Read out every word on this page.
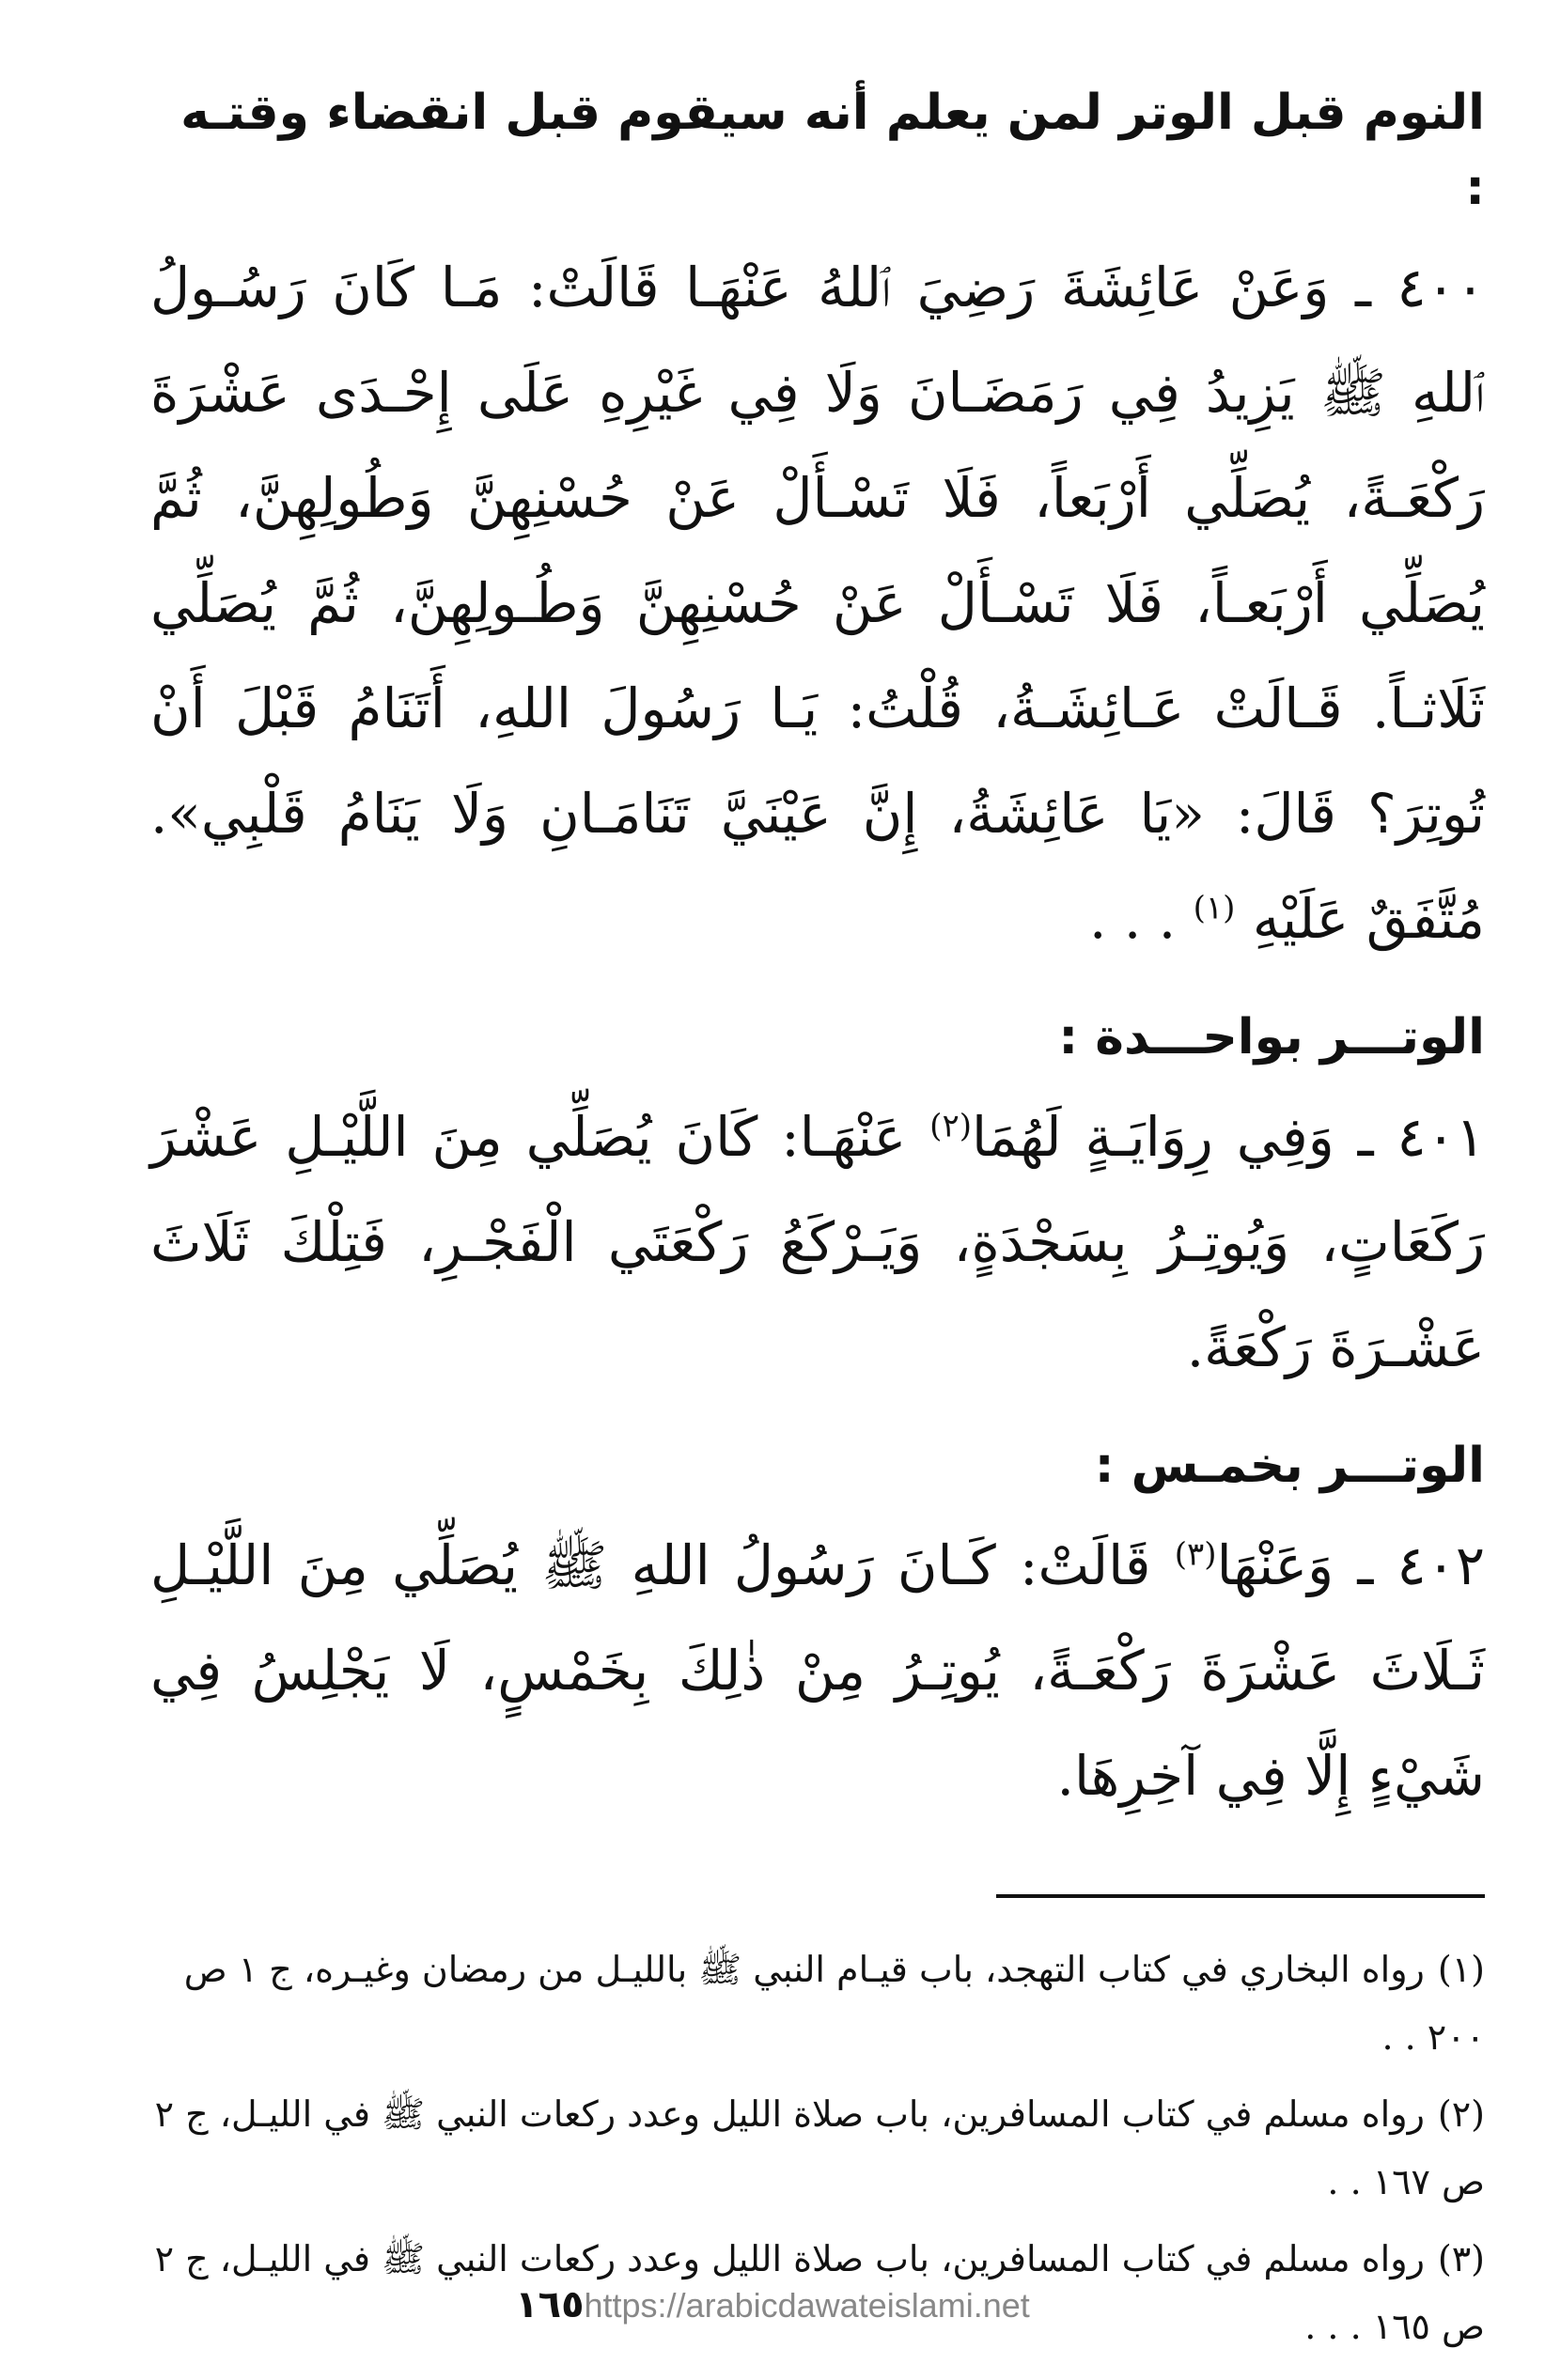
النوم قبل الوتر لمن يعلم أنه سيقوم قبل انقضاء وقتـه :

٤٠٠ ـ وَعَنْ عَائِشَةَ رَضِيَ ٱللهُ عَنْهَـا قَالَتْ: مَـا كَانَ رَسُـولُ ٱللهِ ﷺ يَزِيدُ فِي رَمَضَـانَ وَلَا فِي غَيْرِهِ عَلَى إِحْـدَى عَشْرَةَ رَكْعَـةً، يُصَلِّي أَرْبَعاً، فَلَا تَسْـأَلْ عَنْ حُسْنِهِنَّ وَطُولِهِنَّ، ثُمَّ يُصَلِّي أَرْبَعـاً، فَلَا تَسْـأَلْ عَنْ حُسْنِهِنَّ وَطُـولِهِنَّ، ثُمَّ يُصَلِّي ثَلَاثـاً. قَـالَتْ عَـائِشَـةُ، قُلْتُ: يَـا رَسُولَ اللهِ، أَتَنَامُ قَبْلَ أَنْ تُوتِرَ؟ قَالَ: «يَا عَائِشَةُ، إِنَّ عَيْنَيَّ تَنَامَـانِ وَلَا يَنَامُ قَلْبِي». مُتَّفَقٌ عَلَيْهِ $^{(١)}$ . . .

الوتـــر بواحـــدة :

٤٠١ ـ وَفِي رِوَايَـةٍ لَهُمَا$^{(٢)}$ عَنْهَـا: كَانَ يُصَلِّي مِنَ اللَّيْـلِ عَشْرَ رَكَعَاتٍ، وَيُوتِـرُ بِسَجْدَةٍ، وَيَـرْكَعُ رَكْعَتَي الْفَجْـرِ، فَتِلْكَ ثَلَاثَ عَشْـرَةَ رَكْعَةً.

الوتـــر بخمـس :

٤٠٢ ـ وَعَنْهَا$^{(٣)}$ قَالَتْ: كَـانَ رَسُولُ اللهِ ﷺ يُصَلِّي مِنَ اللَّيْـلِ ثَـلَاثَ عَشْرَةَ رَكْعَـةً، يُوتِـرُ مِنْ ذٰلِكَ بِخَمْسٍ، لَا يَجْلِسُ فِي شَيْءٍ إِلَّا فِي آخِرِهَا.

(١)رواه البخاري في كتاب التهجد، باب قيـام النبي ﷺ بالليـل من رمضان وغيـره، ج ١ ص ٢٠٠ . .
(٢)رواه مسلم في كتاب المسافرين، باب صلاة الليل وعدد ركعات النبي ﷺ في الليـل، ج ٢ ص ١٦٧ . .
(٣)رواه مسلم في كتاب المسافرين، باب صلاة الليل وعدد ركعات النبي ﷺ في الليـل، ج ٢ ص ١٦٥ . . .
١٦٥https://arabicdawateislami.net
